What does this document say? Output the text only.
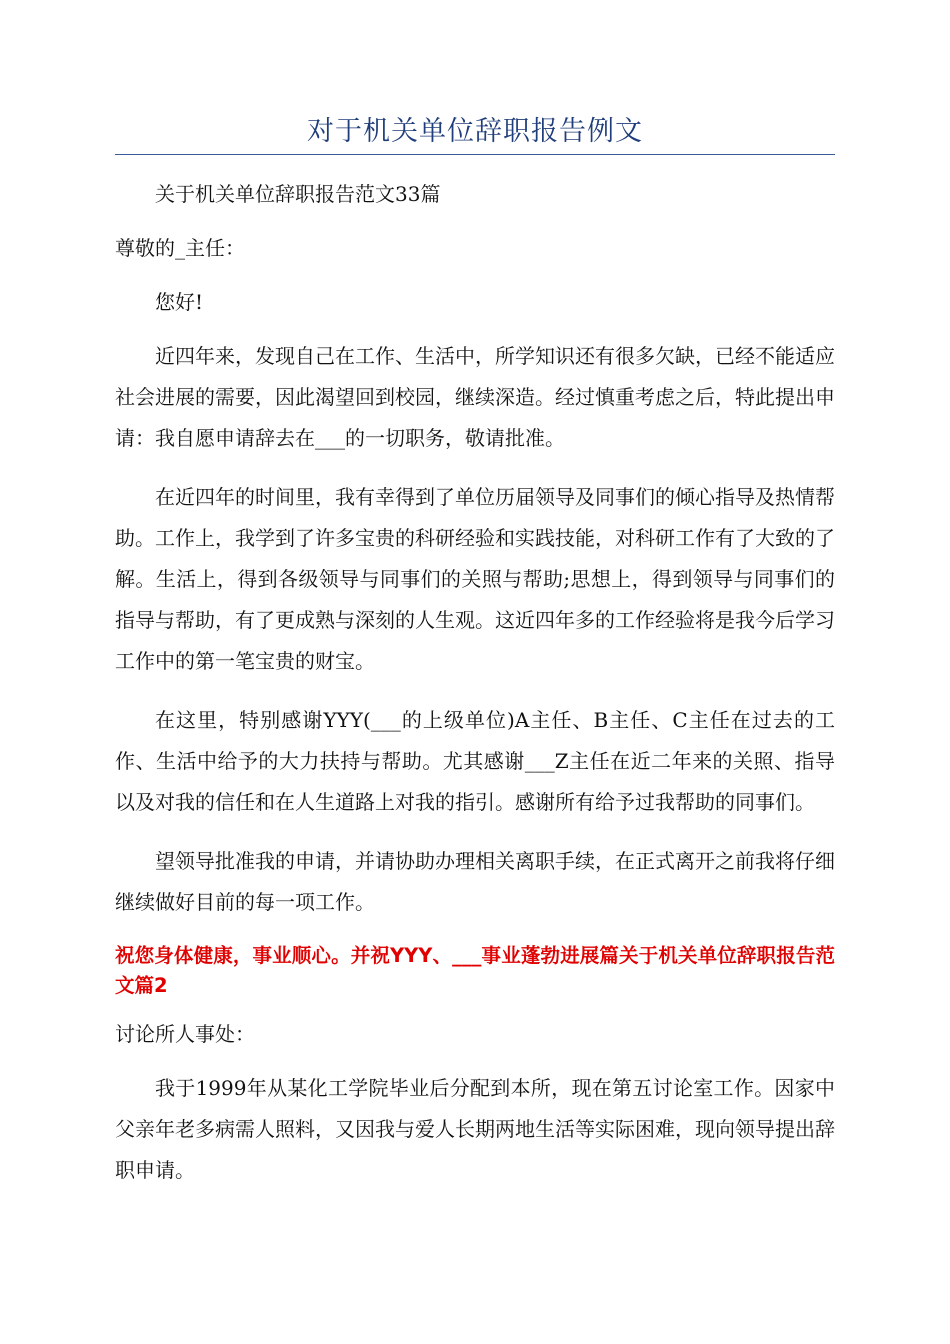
对于机关单位辞职报告例文

关于机关单位辞职报告范文33篇

尊敬的_主任：

您好!

近四年来，发现自己在工作、生活中，所学知识还有很多欠缺，已经不能适应社会进展的需要，因此渴望回到校园，继续深造。经过慎重考虑之后，特此提出申请：我自愿申请辞去在___的一切职务，敬请批准。

在近四年的时间里，我有幸得到了单位历届领导及同事们的倾心指导及热情帮助。工作上，我学到了许多宝贵的科研经验和实践技能，对科研工作有了大致的了解。生活上，得到各级领导与同事们的关照与帮助;思想上，得到领导与同事们的指导与帮助，有了更成熟与深刻的人生观。这近四年多的工作经验将是我今后学习工作中的第一笔宝贵的财宝。

在这里，特别感谢YYY(___的上级单位)A主任、B主任、C主任在过去的工作、生活中给予的大力扶持与帮助。尤其感谢___Z主任在近二年来的关照、指导以及对我的信任和在人生道路上对我的指引。感谢所有给予过我帮助的同事们。

望领导批准我的申请，并请协助办理相关离职手续，在正式离开之前我将仔细继续做好目前的每一项工作。

祝您身体健康，事业顺心。并祝YYY、___事业蓬勃进展篇关于机关单位辞职报告范文篇2

讨论所人事处：

我于1999年从某化工学院毕业后分配到本所，现在第五讨论室工作。因家中父亲年老多病需人照料，又因我与爱人长期两地生活等实际困难，现向领导提出辞职申请。
